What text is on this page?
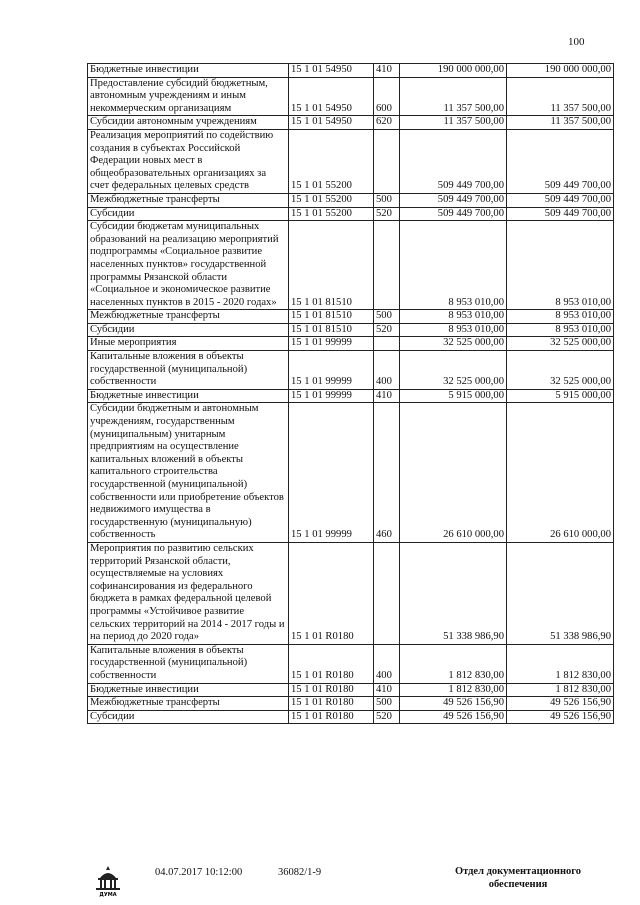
100
Бюджетные инвестиции	15 1 01 54950	410	190 000 000,00	190 000 000,00
Предоставление субсидий бюджетным, автономным учреждениям и иным некоммерческим организациям	15 1 01 54950	600	11 357 500,00	11 357 500,00
Субсидии автономным учреждениям	15 1 01 54950	620	11 357 500,00	11 357 500,00
Реализация мероприятий по содействию создания в субъектах Российской Федерации новых мест в общеобразовательных организациях за счет федеральных целевых средств	15 1 01 55200		509 449 700,00	509 449 700,00
Межбюджетные трансферты	15 1 01 55200	500	509 449 700,00	509 449 700,00
Субсидии	15 1 01 55200	520	509 449 700,00	509 449 700,00
Субсидии бюджетам муниципальных образований на реализацию мероприятий подпрограммы «Социальное развитие населенных пунктов» государственной программы Рязанской области «Социальное и экономическое развитие населенных пунктов в 2015 - 2020 годах»	15 1 01 81510		8 953 010,00	8 953 010,00
Межбюджетные трансферты	15 1 01 81510	500	8 953 010,00	8 953 010,00
Субсидии	15 1 01 81510	520	8 953 010,00	8 953 010,00
Иные мероприятия	15 1 01 99999		32 525 000,00	32 525 000,00
Капитальные вложения в объекты государственной (муниципальной) собственности	15 1 01 99999	400	32 525 000,00	32 525 000,00
Бюджетные инвестиции	15 1 01 99999	410	5 915 000,00	5 915 000,00
Субсидии бюджетным и автономным учреждениям, государственным (муниципальным) унитарным предприятиям на осуществление капитальных вложений в объекты капитального строительства государственной (муниципальной) собственности или приобретение объектов недвижимого имущества в государственную (муниципальную) собственность	15 1 01 99999	460	26 610 000,00	26 610 000,00
Мероприятия по развитию сельских территорий Рязанской области, осуществляемые на условиях софинансирования из федерального бюджета в рамках федеральной целевой программы «Устойчивое развитие сельских территорий на 2014 - 2017 годы и на период до 2020 года»	15 1 01 R0180		51 338 986,90	51 338 986,90
Капитальные вложения в объекты государственной (муниципальной) собственности	15 1 01 R0180	400	1 812 830,00	1 812 830,00
Бюджетные инвестиции	15 1 01 R0180	410	1 812 830,00	1 812 830,00
Межбюджетные трансферты	15 1 01 R0180	500	49 526 156,90	49 526 156,90
Субсидии	15 1 01 R0180	520	49 526 156,90	49 526 156,90
ДУМА
04.07.2017 10:12:00	36082/1-9	Отдел документационного
обеспечения
